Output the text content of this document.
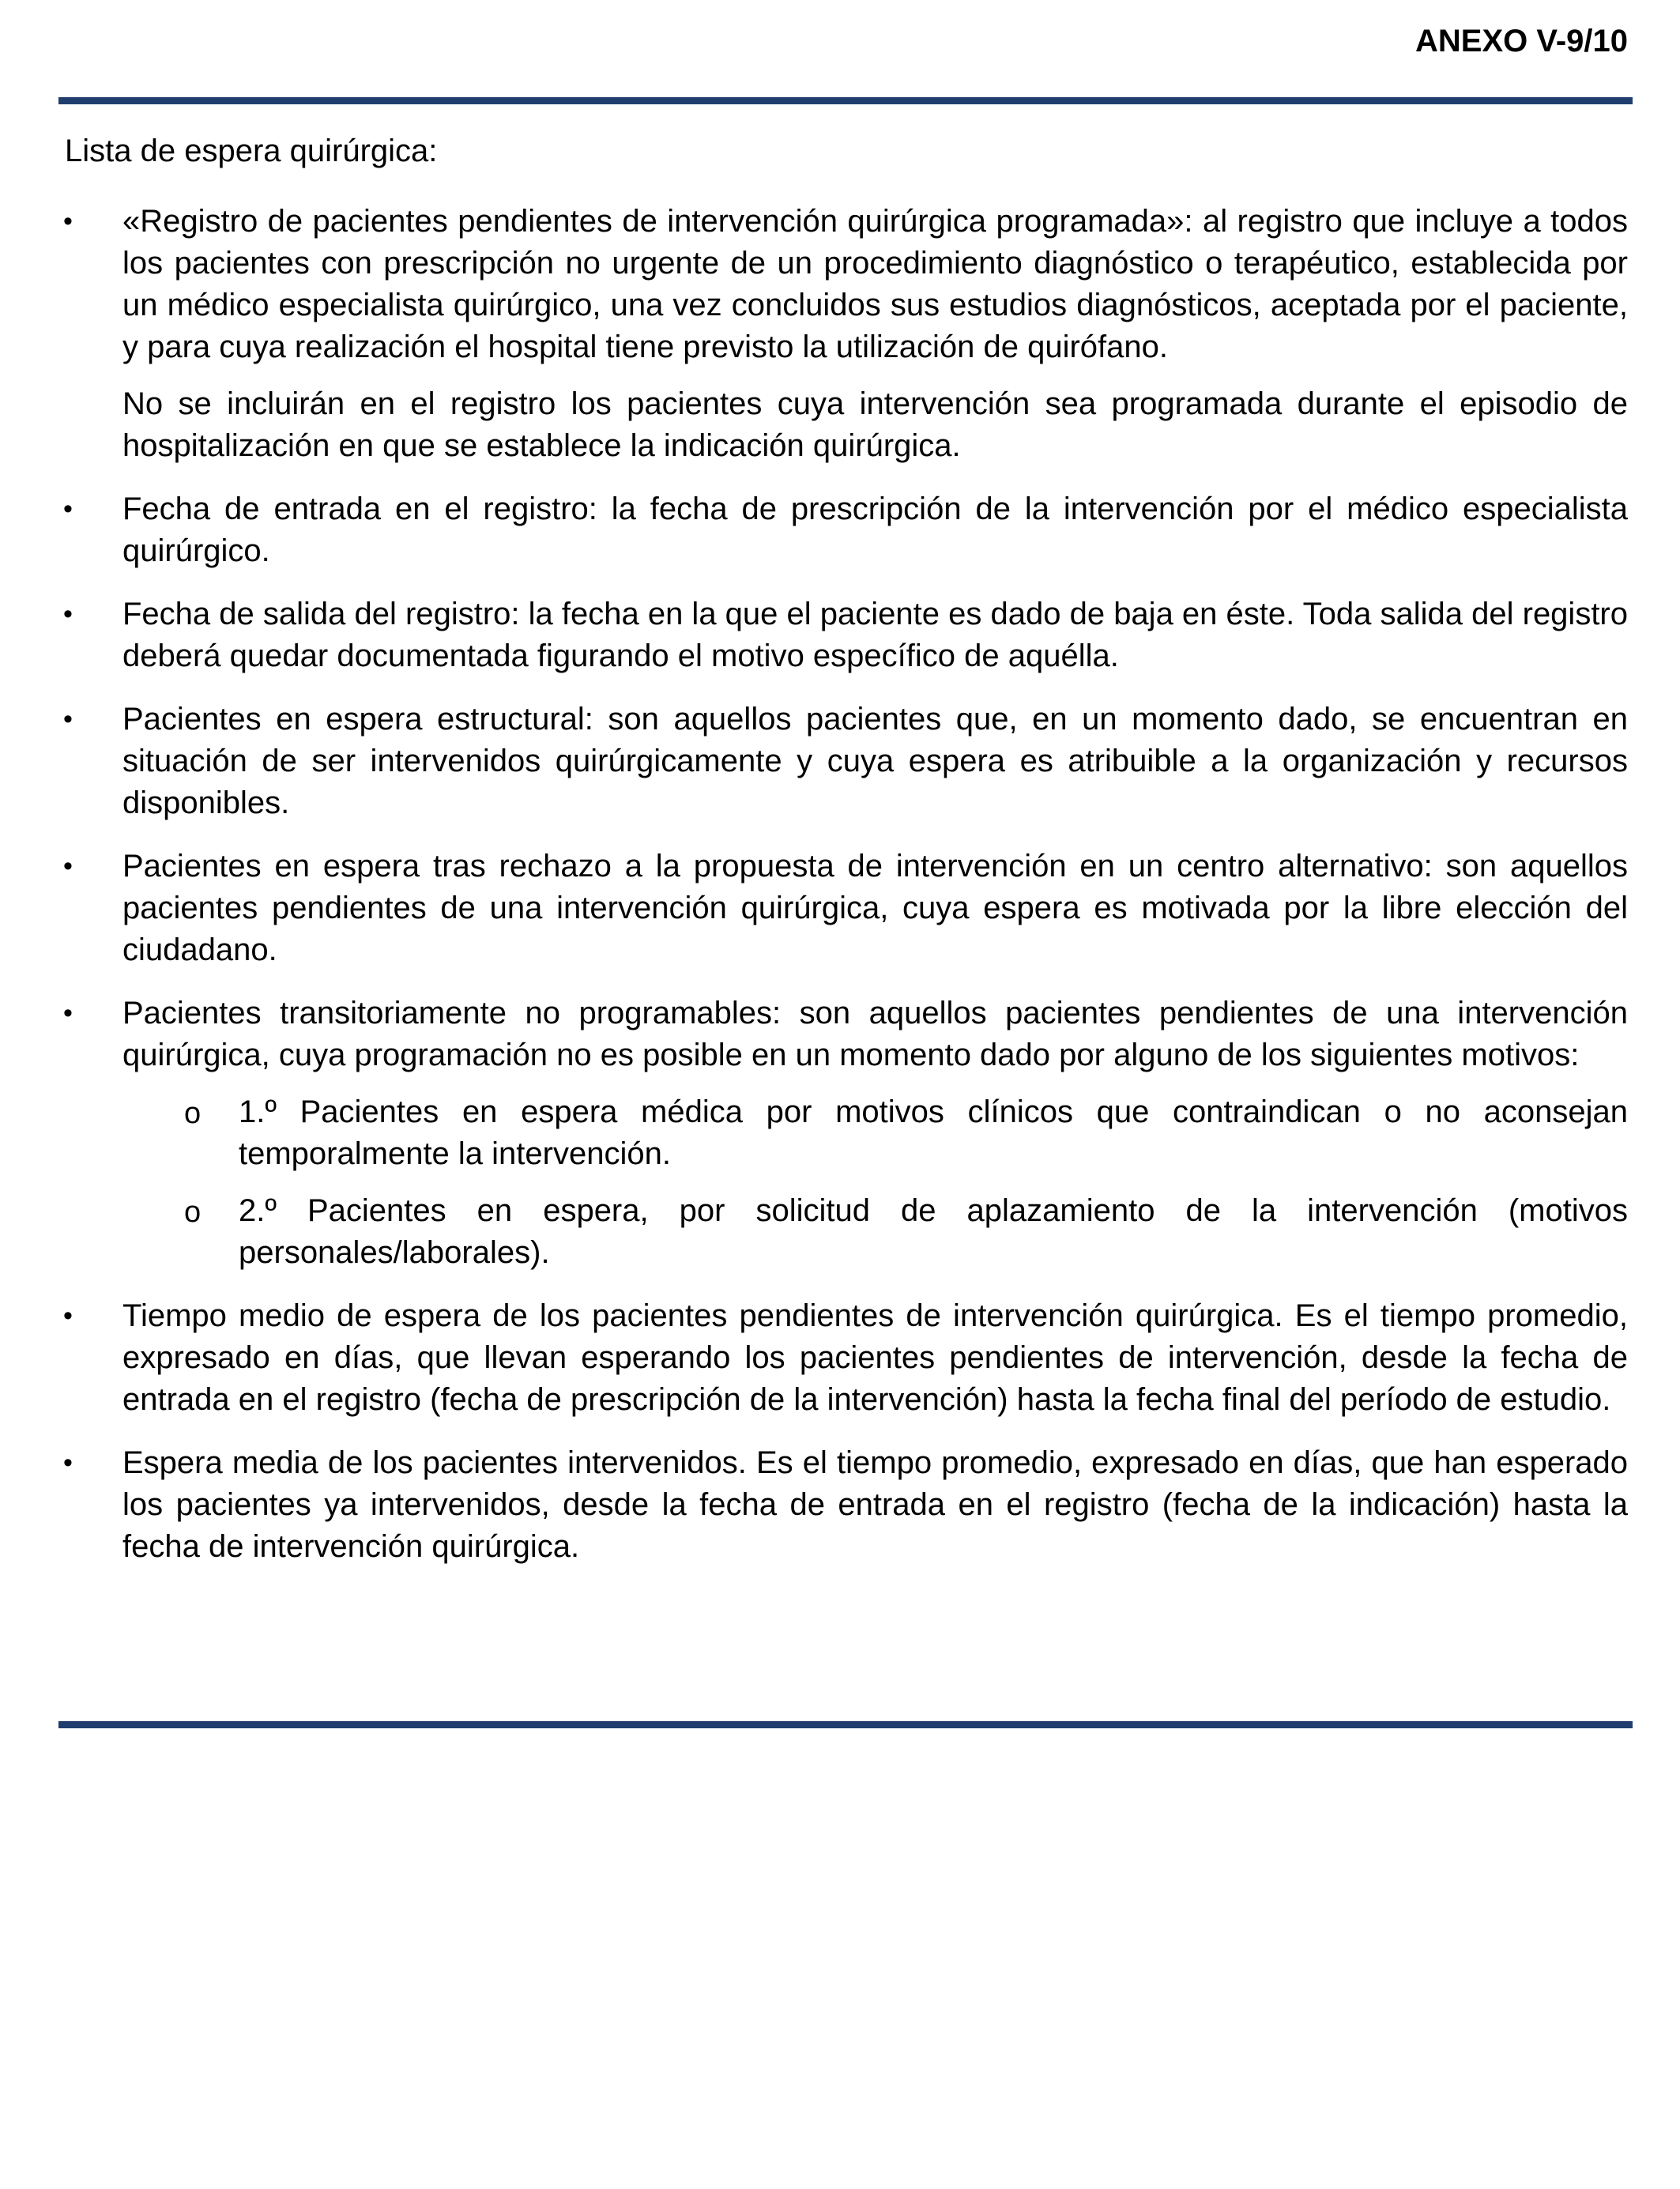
ANEXO V-9/10

Lista de espera quirúrgica:

• «Registro de pacientes pendientes de intervención quirúrgica programada»: al registro que incluye a todos los pacientes con prescripción no urgente de un procedimiento diagnóstico o terapéutico, establecida por un médico especialista quirúrgico, una vez concluidos sus estudios diagnósticos, aceptada por el paciente, y para cuya realización el hospital tiene previsto la utilización de quirófano.

No se incluirán en el registro los pacientes cuya intervención sea programada durante el episodio de hospitalización en que se establece la indicación quirúrgica.

• Fecha de entrada en el registro: la fecha de prescripción de la intervención por el médico especialista quirúrgico.

• Fecha de salida del registro: la fecha en la que el paciente es dado de baja en éste. Toda salida del registro deberá quedar documentada figurando el motivo específico de aquélla.

• Pacientes en espera estructural: son aquellos pacientes que, en un momento dado, se encuentran en situación de ser intervenidos quirúrgicamente y cuya espera es atribuible a la organización y recursos disponibles.

• Pacientes en espera tras rechazo a la propuesta de intervención en un centro alternativo: son aquellos pacientes pendientes de una intervención quirúrgica, cuya espera es motivada por la libre elección del ciudadano.

• Pacientes transitoriamente no programables: son aquellos pacientes pendientes de una intervención quirúrgica, cuya programación no es posible en un momento dado por alguno de los siguientes motivos:

o 1.º Pacientes en espera médica por motivos clínicos que contraindican o no aconsejan temporalmente la intervención.

o 2.º Pacientes en espera, por solicitud de aplazamiento de la intervención (motivos personales/laborales).

• Tiempo medio de espera de los pacientes pendientes de intervención quirúrgica. Es el tiempo promedio, expresado en días, que llevan esperando los pacientes pendientes de intervención, desde la fecha de entrada en el registro (fecha de prescripción de la intervención) hasta la fecha final del período de estudio.

• Espera media de los pacientes intervenidos. Es el tiempo promedio, expresado en días, que han esperado los pacientes ya intervenidos, desde la fecha de entrada en el registro (fecha de la indicación) hasta la fecha de intervención quirúrgica.
